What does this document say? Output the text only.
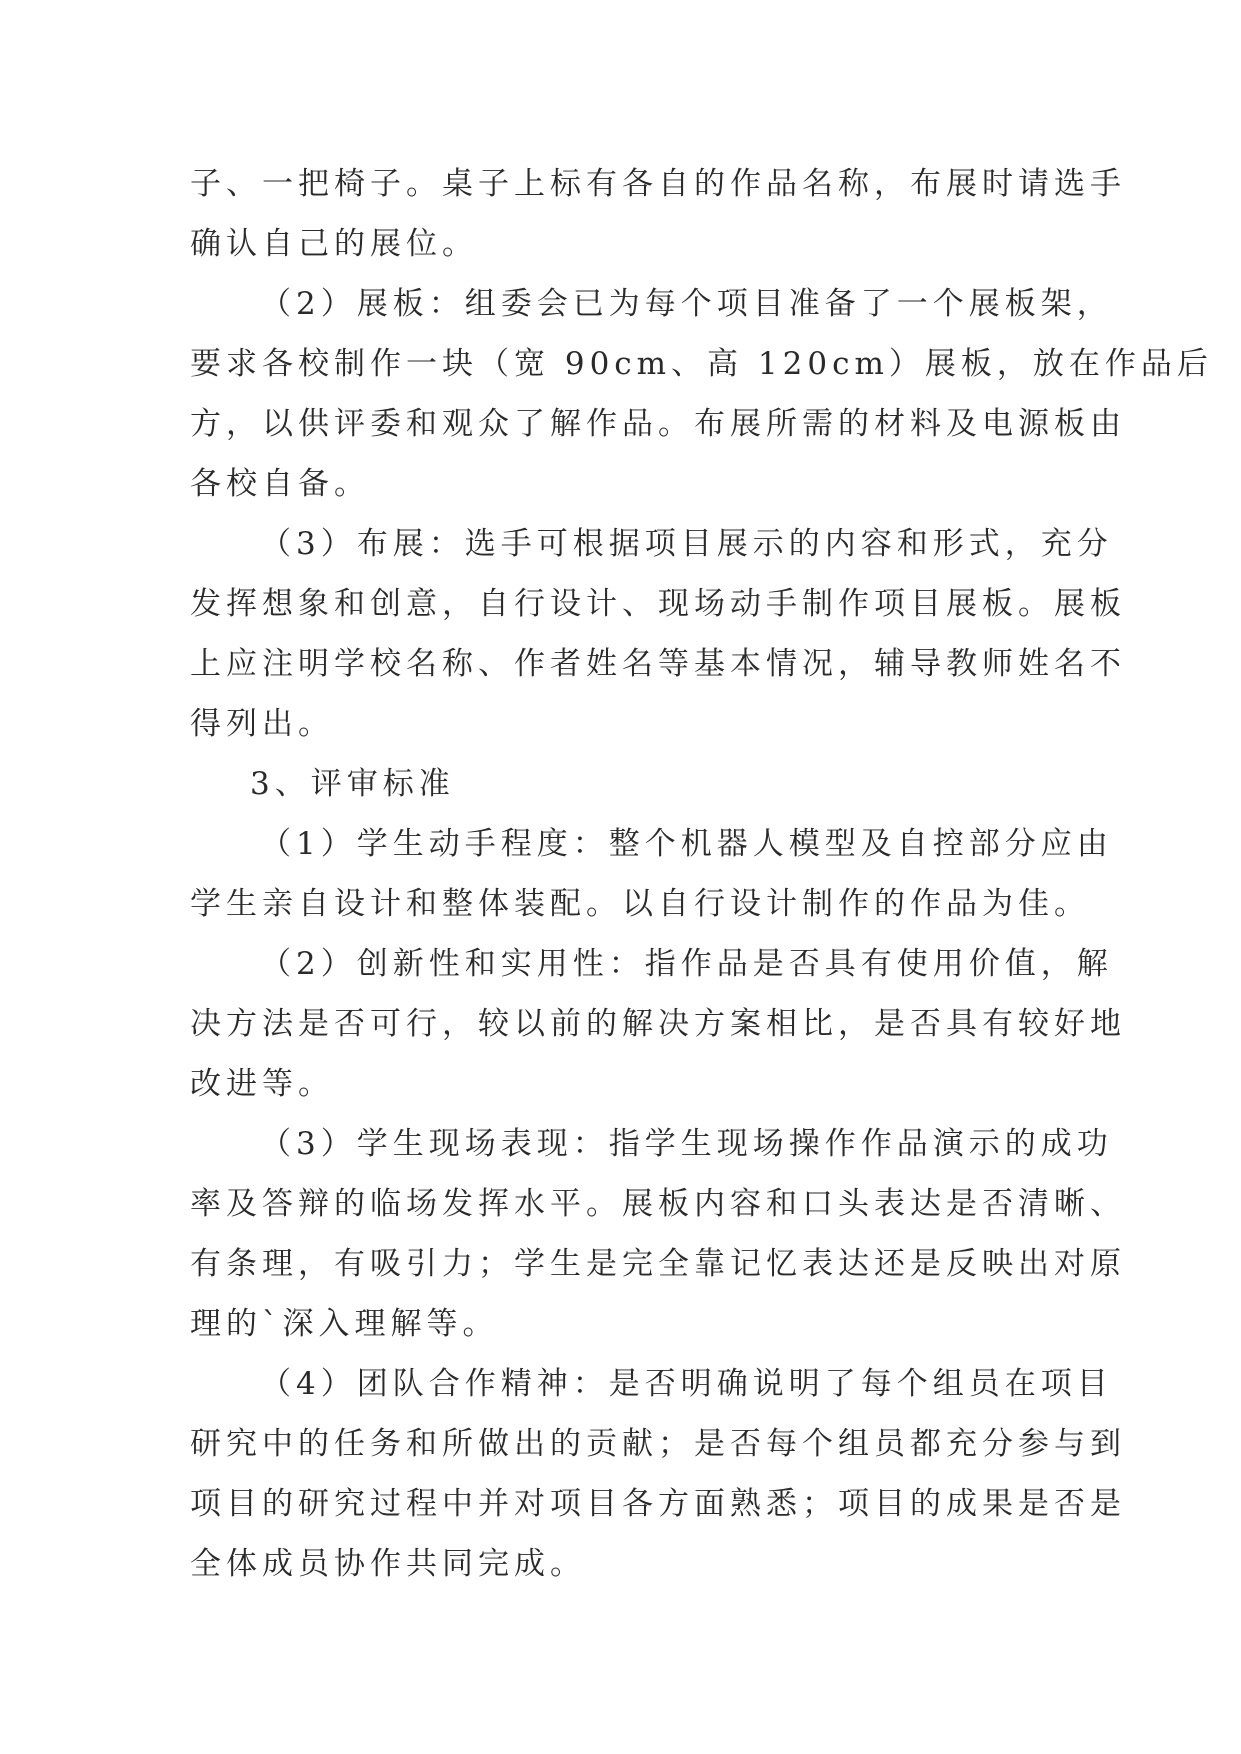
子、一把椅子。桌子上标有各自的作品名称，布展时请选手
确认自己的展位。
（2）展板：组委会已为每个项目准备了一个展板架，
要求各校制作一块（宽 90cm、高 120cm）展板，放在作品后
方，以供评委和观众了解作品。布展所需的材料及电源板由
各校自备。
（3）布展：选手可根据项目展示的内容和形式，充分
发挥想象和创意，自行设计、现场动手制作项目展板。展板
上应注明学校名称、作者姓名等基本情况，辅导教师姓名不
得列出。
3、评审标准
（1）学生动手程度：整个机器人模型及自控部分应由
学生亲自设计和整体装配。以自行设计制作的作品为佳。
（2）创新性和实用性：指作品是否具有使用价值，解
决方法是否可行，较以前的解决方案相比，是否具有较好地
改进等。
（3）学生现场表现：指学生现场操作作品演示的成功
率及答辩的临场发挥水平。展板内容和口头表达是否清晰、
有条理，有吸引力；学生是完全靠记忆表达还是反映出对原
理的`深入理解等。
（4）团队合作精神：是否明确说明了每个组员在项目
研究中的任务和所做出的贡献；是否每个组员都充分参与到
项目的研究过程中并对项目各方面熟悉；项目的成果是否是
全体成员协作共同完成。
